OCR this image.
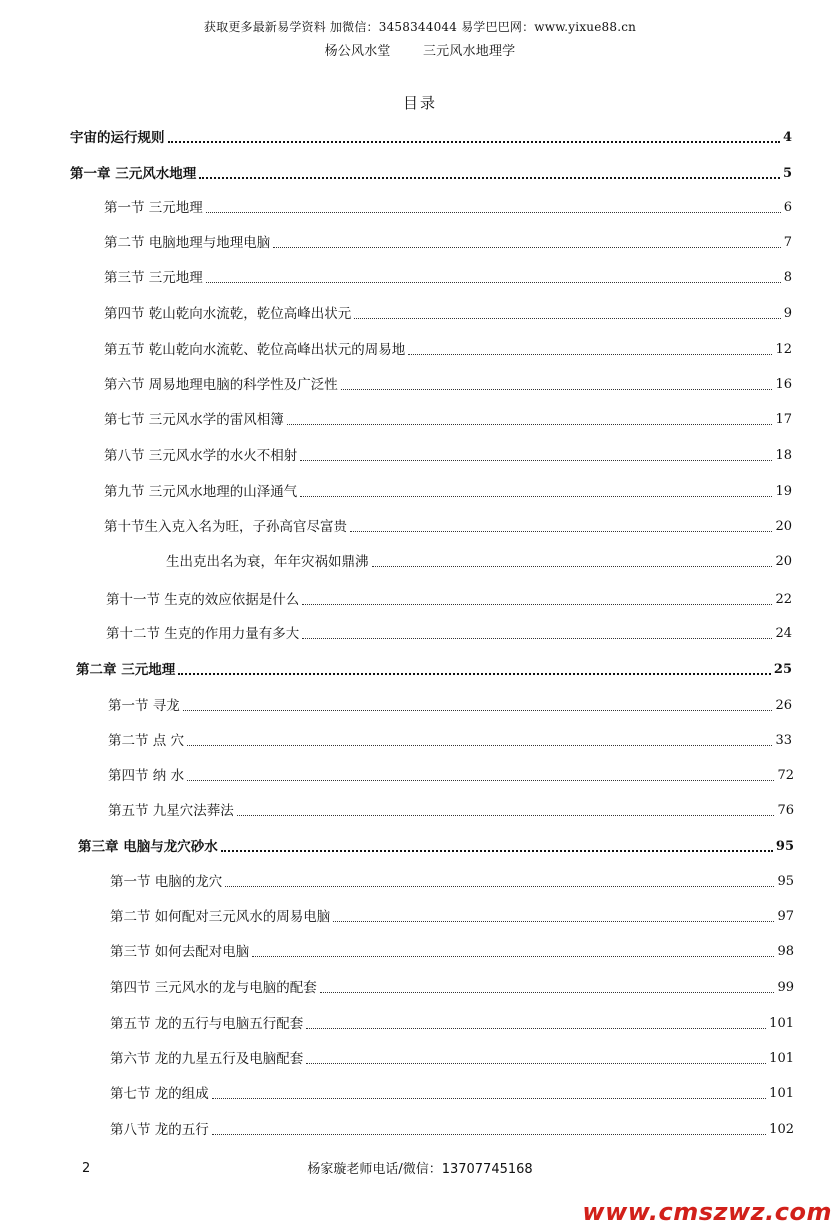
获取更多最新易学资料 加微信：3458344044 易学巴巴网：www.yixue88.cn
杨公风水堂 三元风水地理学
目录
宇宙的运行规则	4
第一章 三元风水地理	5
第一节 三元地理	6
第二节 电脑地理与地理电脑	7
第三节 三元地理	8
第四节 乾山乾向水流乾，乾位高峰出状元	9
第五节 乾山乾向水流乾、乾位高峰出状元的周易地	12
第六节 周易地理电脑的科学性及广泛性	16
第七节 三元风水学的雷风相簿	17
第八节 三元风水学的水火不相射	18
第九节 三元风水地理的山泽通气	19
第十节生入克入名为旺，子孙高官尽富贵	20
生出克出名为衰，年年灾祸如鼎沸	20
第十一节 生克的效应依据是什么	22
第十二节 生克的作用力量有多大	24
第二章 三元地理	25
第一节 寻龙	26
第二节 点 穴	33
第四节 纳 水	72
第五节 九星穴法葬法	76
第三章 电脑与龙穴砂水	95
第一节 电脑的龙穴	95
第二节 如何配对三元风水的周易电脑	97
第三节 如何去配对电脑	98
第四节 三元风水的龙与电脑的配套	99
第五节 龙的五行与电脑五行配套	101
第六节 龙的九星五行及电脑配套	101
第七节 龙的组成	101
第八节 龙的五行	102
2	杨家璇老师电话/微信：13707745168
www.cmszwz.com
